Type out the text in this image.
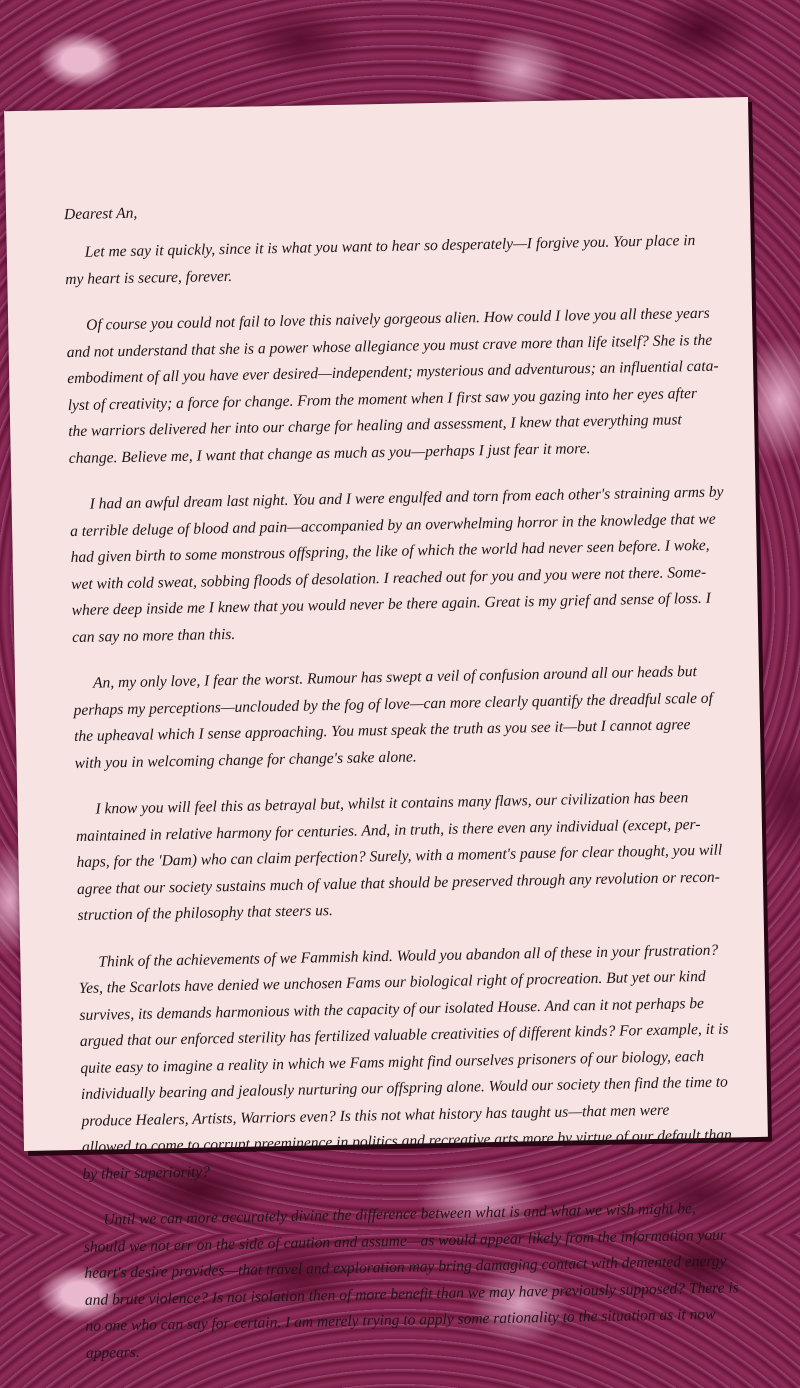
Dearest An,
Let me say it quickly, since it is what you want to hear so desperately—I forgive you. Your place in
my heart is secure, forever.
Of course you could not fail to love this naively gorgeous alien. How could I love you all these years
and not understand that she is a power whose allegiance you must crave more than life itself? She is the
embodiment of all you have ever desired—independent; mysterious and adventurous; an influential cata-
lyst of creativity; a force for change. From the moment when I first saw you gazing into her eyes after
the warriors delivered her into our charge for healing and assessment, I knew that everything must
change. Believe me, I want that change as much as you—perhaps I just fear it more.
I had an awful dream last night. You and I were engulfed and torn from each other's straining arms by
a terrible deluge of blood and pain—accompanied by an overwhelming horror in the knowledge that we
had given birth to some monstrous offspring, the like of which the world had never seen before. I woke,
wet with cold sweat, sobbing floods of desolation. I reached out for you and you were not there. Some-
where deep inside me I knew that you would never be there again. Great is my grief and sense of loss. I
can say no more than this.
An, my only love, I fear the worst. Rumour has swept a veil of confusion around all our heads but
perhaps my perceptions—unclouded by the fog of love—can more clearly quantify the dreadful scale of
the upheaval which I sense approaching. You must speak the truth as you see it—but I cannot agree
with you in welcoming change for change's sake alone.
I know you will feel this as betrayal but, whilst it contains many flaws, our civilization has been
maintained in relative harmony for centuries. And, in truth, is there even any individual (except, per-
haps, for the 'Dam) who can claim perfection? Surely, with a moment's pause for clear thought, you will
agree that our society sustains much of value that should be preserved through any revolution or recon-
struction of the philosophy that steers us.
Think of the achievements of we Fammish kind. Would you abandon all of these in your frustration?
Yes, the Scarlots have denied we unchosen Fams our biological right of procreation. But yet our kind
survives, its demands harmonious with the capacity of our isolated House. And can it not perhaps be
argued that our enforced sterility has fertilized valuable creativities of different kinds? For example, it is
quite easy to imagine a reality in which we Fams might find ourselves prisoners of our biology, each
individually bearing and jealously nurturing our offspring alone. Would our society then find the time to
produce Healers, Artists, Warriors even? Is this not what history has taught us—that men were
allowed to come to corrupt preeminence in politics and recreative arts more by virtue of our default than
by their superiority?
Until we can more accurately divine the difference between what is and what we wish might be,
should we not err on the side of caution and assume—as would appear likely from the information your
heart's desire provides—that travel and exploration may bring damaging contact with demented energy
and brute violence? Is not isolation then of more benefit than we may have previously supposed? There is
no one who can say for certain. I am merely trying to apply some rationality to the situation as it now
appears.
